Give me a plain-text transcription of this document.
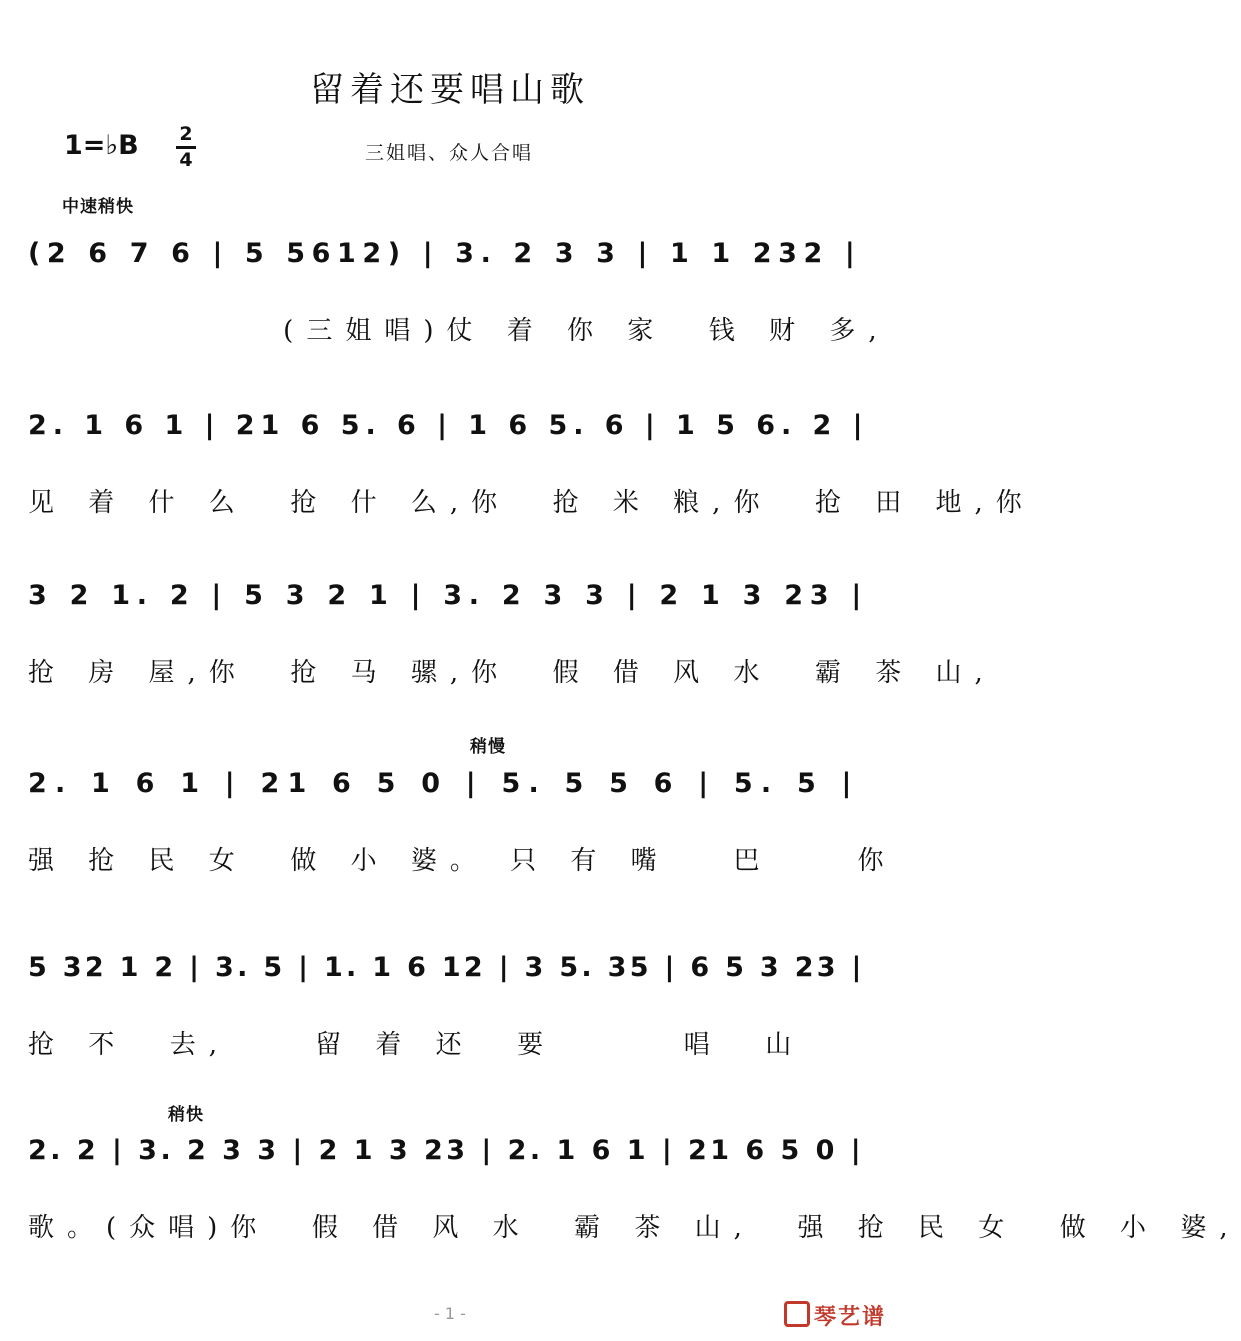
留着还要唱山歌
1=♭B 2
4	三姐唱、众人合唱
中速稍快
稍慢
稍快
(2 6 7 6 | 5 5612) | 3. 2 3 3 | 1 1 232 |
(三姐唱)仗 着 你 家  钱 财 多,
2. 1 6 1 | 21 6 5. 6 | 1 6 5. 6 | 1 5 6. 2 |
见 着 什 么  抢 什 么,你  抢 米 粮,你  抢 田 地,你
3 2 1. 2 | 5 3 2 1 | 3. 2 3 3 | 2 1 3 23 |
抢 房 屋,你  抢 马 骡,你  假 借 风 水  霸 茶 山,
2. 1 6 1 | 21 6 5 0 | 5. 5 5 6 | 5. 5 |
强 抢 民 女  做 小 婆。 只 有 嘴   巴    你
5 32 1 2 | 3. 5 | 1. 1 6 12 | 3 5. 35 | 6 5 3 23 |
抢 不  去,    留 着 还  要      唱  山
2. 2 | 3. 2 3 3 | 2 1 3 23 | 2. 1 6 1 | 21 6 5 0 |
歌。(众唱)你  假 借 风 水  霸 茶 山,  强 抢 民 女  做 小 婆,
- 1 -	琴艺谱
